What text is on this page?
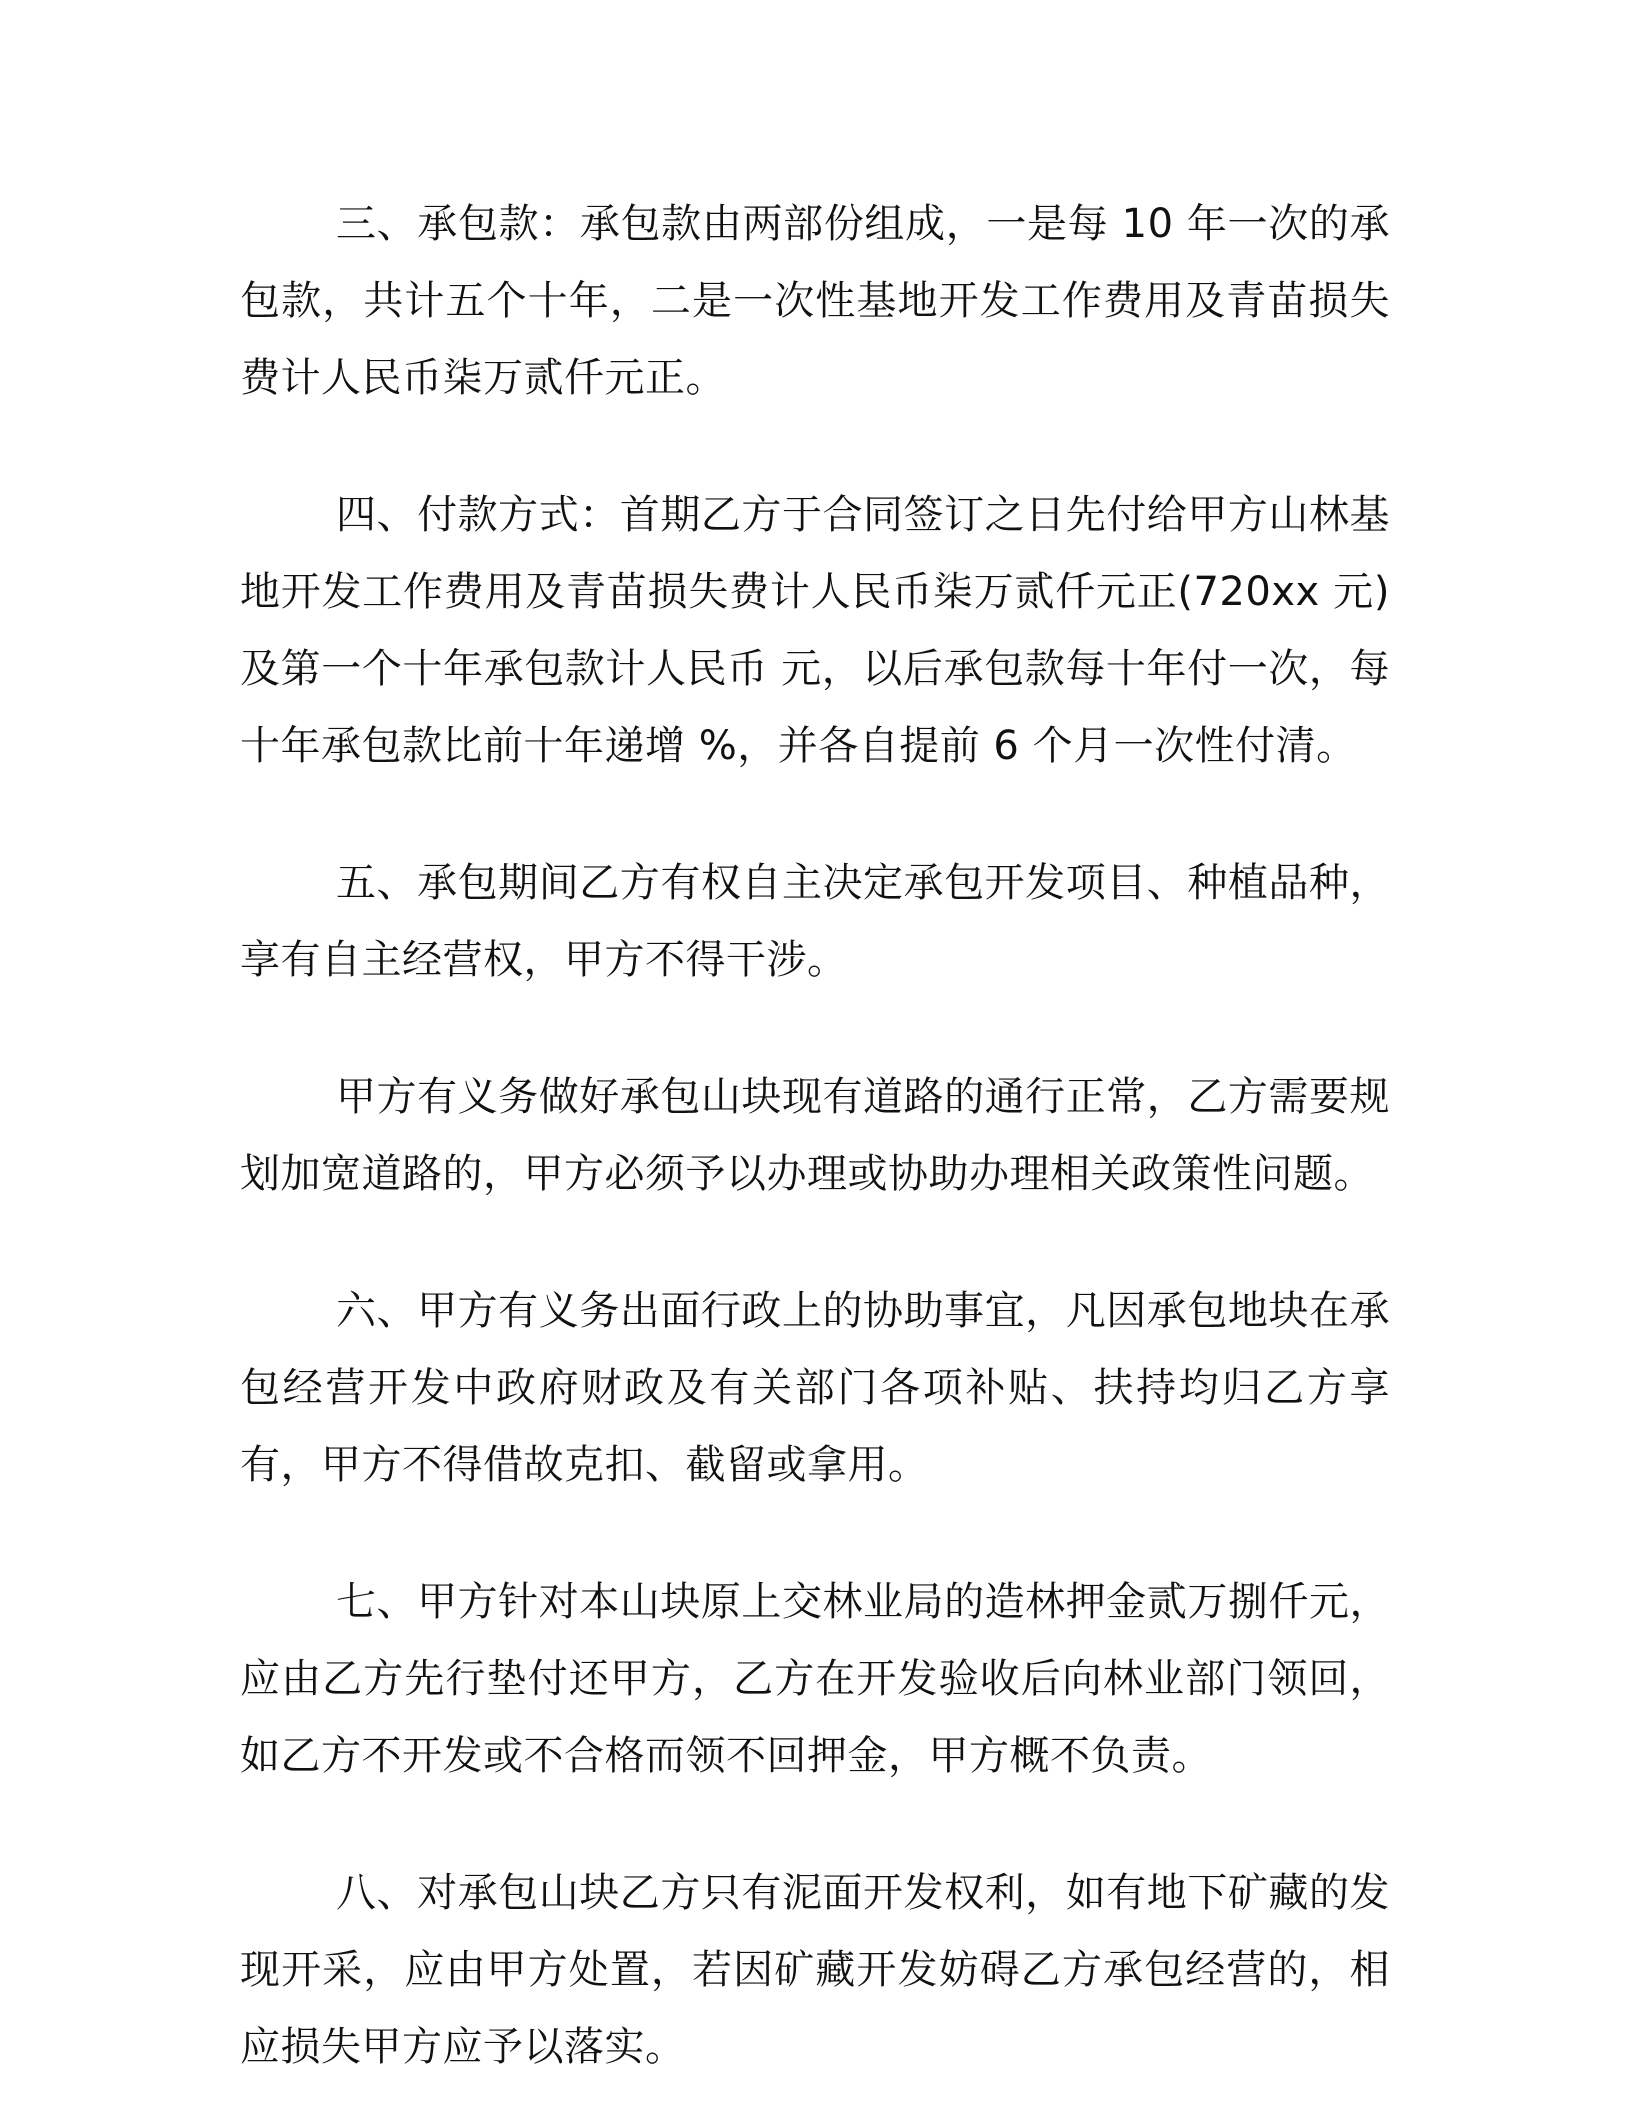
三、承包款：承包款由两部份组成，一是每 10 年一次的承包款，共计五个十年，二是一次性基地开发工作费用及青苗损失费计人民币柒万贰仟元正。

四、付款方式：首期乙方于合同签订之日先付给甲方山林基地开发工作费用及青苗损失费计人民币柒万贰仟元正(720xx 元)及第一个十年承包款计人民币 元，以后承包款每十年付一次，每十年承包款比前十年递增 %，并各自提前 6 个月一次性付清。

五、承包期间乙方有权自主决定承包开发项目、种植品种，享有自主经营权，甲方不得干涉。

甲方有义务做好承包山块现有道路的通行正常，乙方需要规划加宽道路的，甲方必须予以办理或协助办理相关政策性问题。

六、甲方有义务出面行政上的协助事宜，凡因承包地块在承包经营开发中政府财政及有关部门各项补贴、扶持均归乙方享有，甲方不得借故克扣、截留或拿用。

七、甲方针对本山块原上交林业局的造林押金贰万捌仟元，应由乙方先行垫付还甲方，乙方在开发验收后向林业部门领回，如乙方不开发或不合格而领不回押金，甲方概不负责。

八、对承包山块乙方只有泥面开发权利，如有地下矿藏的发现开采，应由甲方处置，若因矿藏开发妨碍乙方承包经营的，相应损失甲方应予以落实。
